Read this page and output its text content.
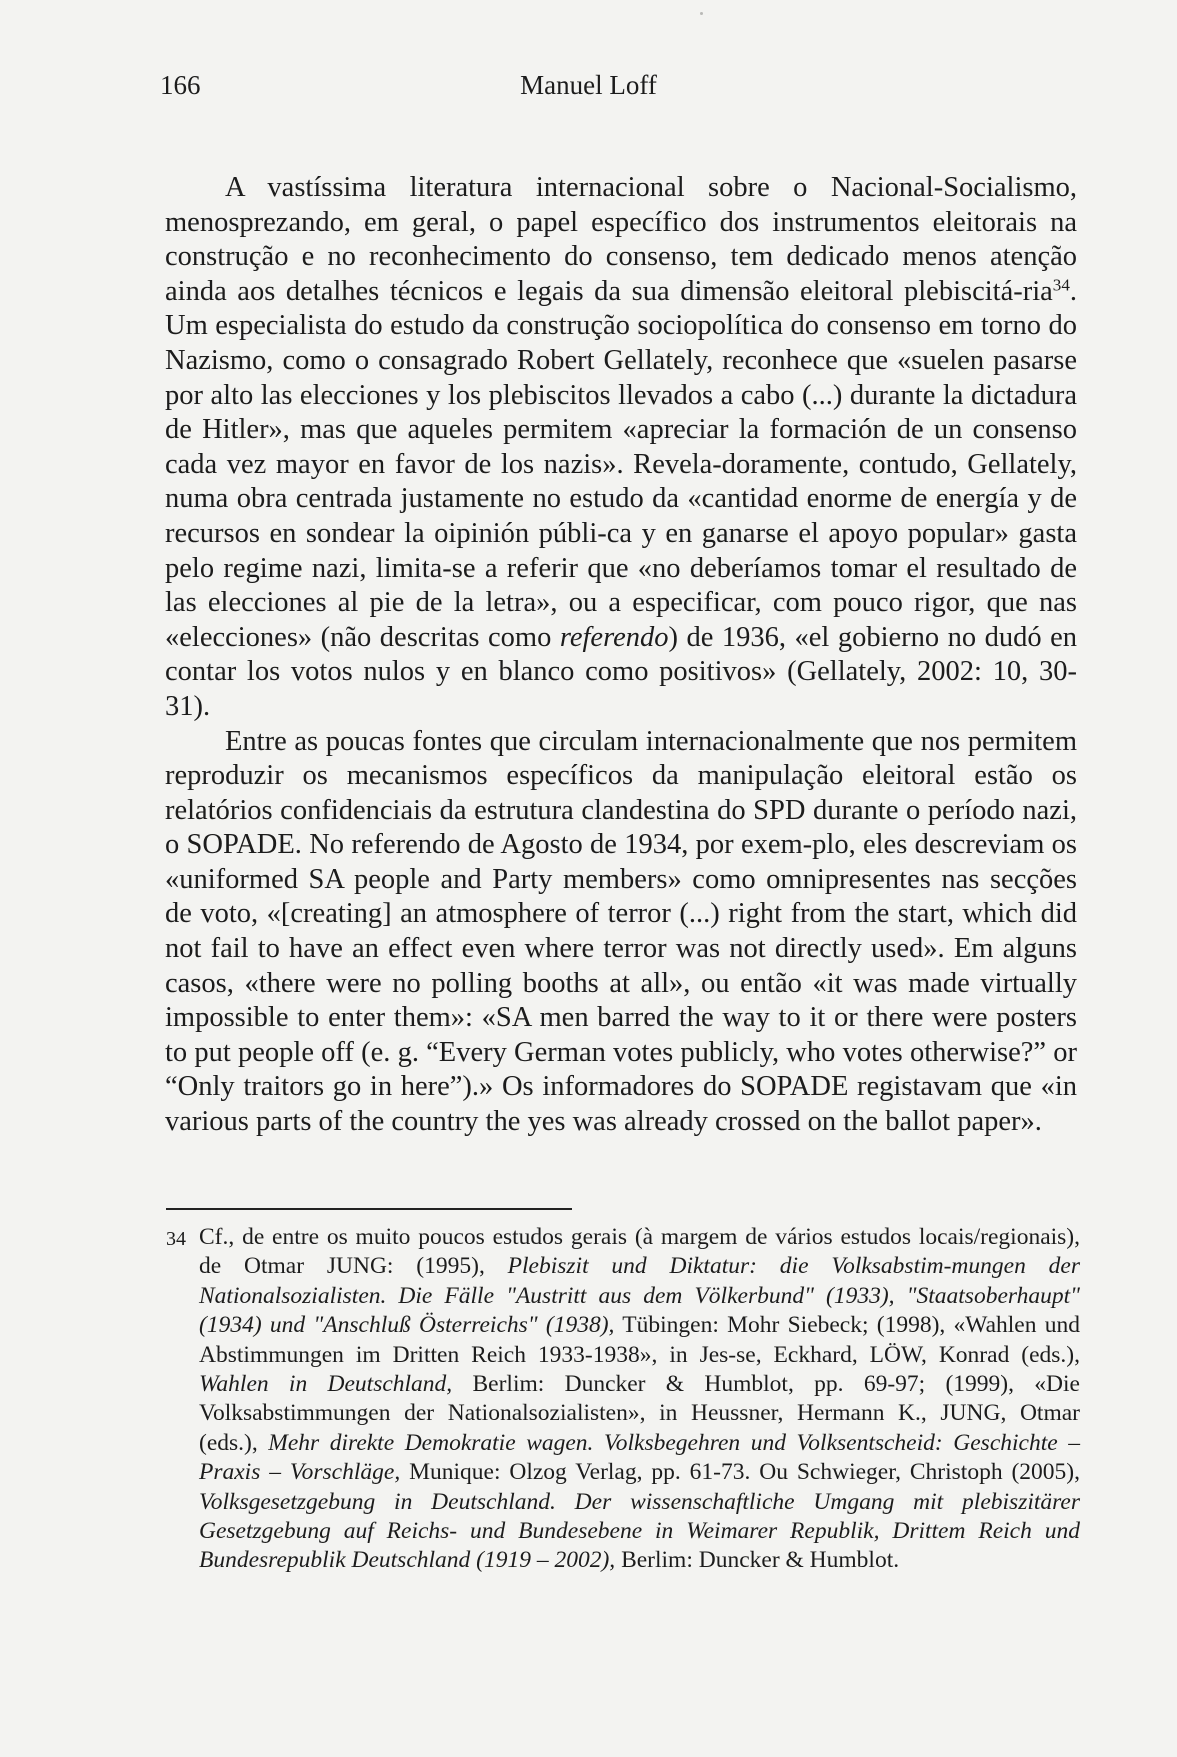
166	Manuel Loff

A vastíssima literatura internacional sobre o Nacional-Socialismo, menosprezando, em geral, o papel específico dos instrumentos eleitorais na construção e no reconhecimento do consenso, tem dedicado menos atenção ainda aos detalhes técnicos e legais da sua dimensão eleitoral plebiscitá-ria$^{34}$. Um especialista do estudo da construção sociopolítica do consenso em torno do Nazismo, como o consagrado Robert Gellately, reconhece que «suelen pasarse por alto las elecciones y los plebiscitos llevados a cabo (...) durante la dictadura de Hitler», mas que aqueles permitem «apreciar la formación de un consenso cada vez mayor en favor de los nazis». Revela-doramente, contudo, Gellately, numa obra centrada justamente no estudo da «cantidad enorme de energía y de recursos en sondear la oipinión públi-ca y en ganarse el apoyo popular» gasta pelo regime nazi, limita-se a referir que «no deberíamos tomar el resultado de las elecciones al pie de la letra», ou a especificar, com pouco rigor, que nas «elecciones» (não descritas como referendo) de 1936, «el gobierno no dudó en contar los votos nulos y en blanco como positivos» (Gellately, 2002: 10, 30-31).

Entre as poucas fontes que circulam internacionalmente que nos permitem reproduzir os mecanismos específicos da manipulação eleitoral estão os relatórios confidenciais da estrutura clandestina do SPD durante o período nazi, o SOPADE. No referendo de Agosto de 1934, por exem-plo, eles descreviam os «uniformed SA people and Party members» como omnipresentes nas secções de voto, «[creating] an atmosphere of terror (...) right from the start, which did not fail to have an effect even where terror was not directly used». Em alguns casos, «there were no polling booths at all», ou então «it was made virtually impossible to enter them»: «SA men barred the way to it or there were posters to put people off (e. g. “Every German votes publicly, who votes otherwise?” or “Only traitors go in here”).» Os informadores do SOPADE registavam que «in various parts of the country the yes was already crossed on the ballot paper».

34 Cf., de entre os muito poucos estudos gerais (à margem de vários estudos locais/regionais), de Otmar JUNG: (1995), Plebiszit und Diktatur: die Volksabstim-mungen der Nationalsozialisten. Die Fälle "Austritt aus dem Völkerbund" (1933), "Staatsoberhaupt" (1934) und "Anschluß Österreichs" (1938), Tübingen: Mohr Siebeck; (1998), «Wahlen und Abstimmungen im Dritten Reich 1933-1938», in Jes-se, Eckhard, LÖW, Konrad (eds.), Wahlen in Deutschland, Berlim: Duncker & Humblot, pp. 69-97; (1999), «Die Volksabstimmungen der Nationalsozialisten», in Heussner, Hermann K., JUNG, Otmar (eds.), Mehr direkte Demokratie wagen. Volksbegehren und Volksentscheid: Geschichte – Praxis – Vorschläge, Munique: Olzog Verlag, pp. 61-73. Ou Schwieger, Christoph (2005), Volksgesetzgebung in Deutschland. Der wissenschaftliche Umgang mit plebiszitärer Gesetzgebung auf Reichs- und Bundesebene in Weimarer Republik, Drittem Reich und Bundesrepublik Deutschland (1919 – 2002), Berlim: Duncker & Humblot.
